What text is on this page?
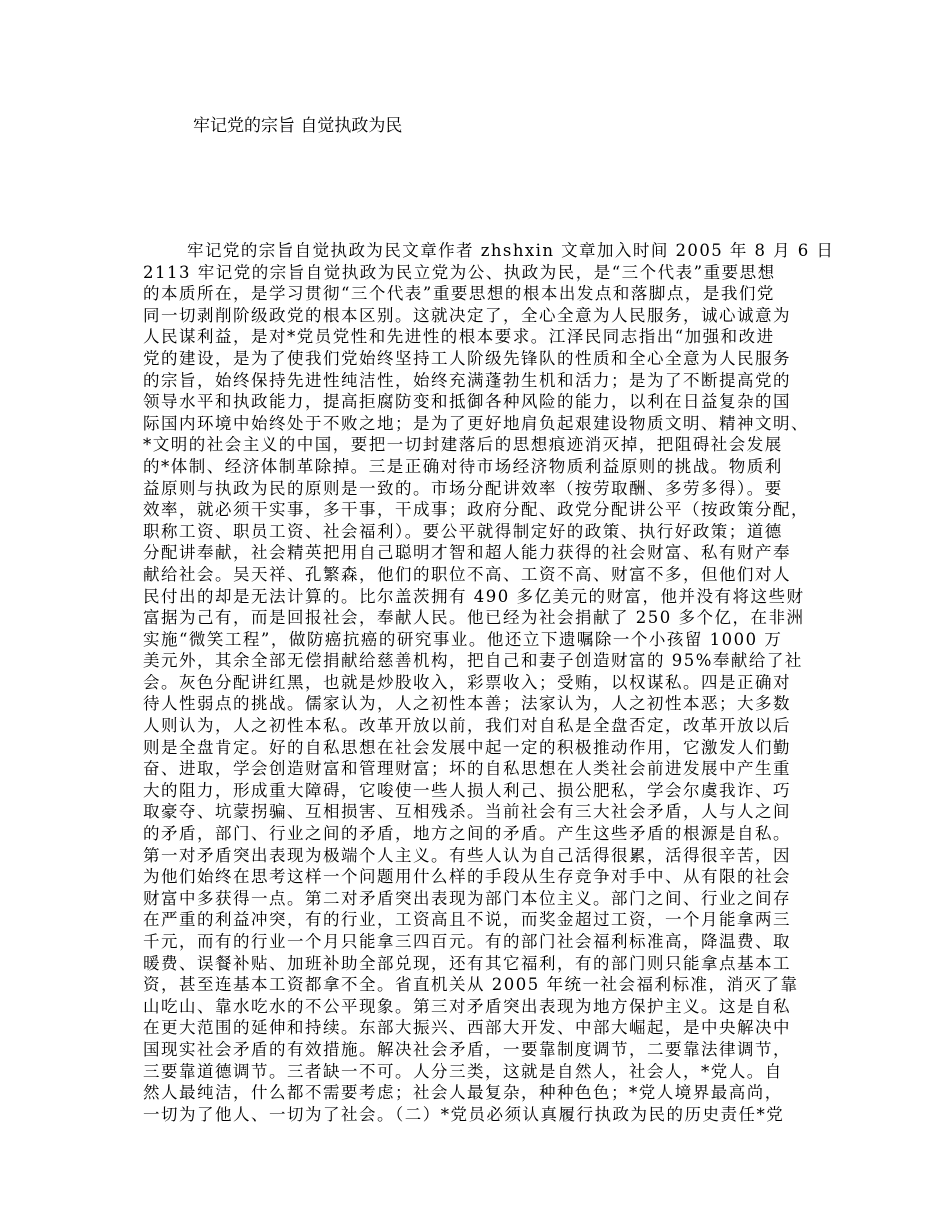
牢记党的宗旨 自觉执政为民
牢记党的宗旨自觉执政为民文章作者 zhshxin 文章加入时间 2005 年 8 月 6 日
2113 牢记党的宗旨自觉执政为民立党为公、执政为民，是“三个代表”重要思想
的本质所在，是学习贯彻“三个代表”重要思想的根本出发点和落脚点，是我们党
同一切剥削阶级政党的根本区别。这就决定了，全心全意为人民服务，诚心诚意为
人民谋利益，是对*党员党性和先进性的根本要求。江泽民同志指出“加强和改进
党的建设，是为了使我们党始终坚持工人阶级先锋队的性质和全心全意为人民服务
的宗旨，始终保持先进性纯洁性，始终充满蓬勃生机和活力；是为了不断提高党的
领导水平和执政能力，提高拒腐防变和抵御各种风险的能力，以利在日益复杂的国
际国内环境中始终处于不败之地；是为了更好地肩负起艰建设物质文明、精神文明、
*文明的社会主义的中国，要把一切封建落后的思想痕迹消灭掉，把阻碍社会发展
的*体制、经济体制革除掉。三是正确对待市场经济物质利益原则的挑战。物质利
益原则与执政为民的原则是一致的。市场分配讲效率（按劳取酬、多劳多得）。要
效率，就必须干实事，多干事，干成事；政府分配、政党分配讲公平（按政策分配，
职称工资、职员工资、社会福利）。要公平就得制定好的政策、执行好政策；道德
分配讲奉献，社会精英把用自己聪明才智和超人能力获得的社会财富、私有财产奉
献给社会。吴天祥、孔繁森，他们的职位不高、工资不高、财富不多，但他们对人
民付出的却是无法计算的。比尔盖茨拥有 490 多亿美元的财富，他并没有将这些财
富据为己有，而是回报社会，奉献人民。他已经为社会捐献了 250 多个亿，在非洲
实施“微笑工程”，做防癌抗癌的研究事业。他还立下遗嘱除一个小孩留 1000 万
美元外，其余全部无偿捐献给慈善机构，把自己和妻子创造财富的 95%奉献给了社
会。灰色分配讲红黑，也就是炒股收入，彩票收入；受贿，以权谋私。四是正确对
待人性弱点的挑战。儒家认为，人之初性本善；法家认为，人之初性本恶；大多数
人则认为，人之初性本私。改革开放以前，我们对自私是全盘否定，改革开放以后
则是全盘肯定。好的自私思想在社会发展中起一定的积极推动作用，它激发人们勤
奋、进取，学会创造财富和管理财富；坏的自私思想在人类社会前进发展中产生重
大的阻力，形成重大障碍，它唆使一些人损人利己、损公肥私，学会尔虞我诈、巧
取豪夺、坑蒙拐骗、互相损害、互相残杀。当前社会有三大社会矛盾，人与人之间
的矛盾，部门、行业之间的矛盾，地方之间的矛盾。产生这些矛盾的根源是自私。
第一对矛盾突出表现为极端个人主义。有些人认为自己活得很累，活得很辛苦，因
为他们始终在思考这样一个问题用什么样的手段从生存竞争对手中、从有限的社会
财富中多获得一点。第二对矛盾突出表现为部门本位主义。部门之间、行业之间存
在严重的利益冲突，有的行业，工资高且不说，而奖金超过工资，一个月能拿两三
千元，而有的行业一个月只能拿三四百元。有的部门社会福利标准高，降温费、取
暖费、误餐补贴、加班补助全部兑现，还有其它福利，有的部门则只能拿点基本工
资，甚至连基本工资都拿不全。省直机关从 2005 年统一社会福利标准，消灭了靠
山吃山、靠水吃水的不公平现象。第三对矛盾突出表现为地方保护主义。这是自私
在更大范围的延伸和持续。东部大振兴、西部大开发、中部大崛起，是中央解决中
国现实社会矛盾的有效措施。解决社会矛盾，一要靠制度调节，二要靠法律调节，
三要靠道德调节。三者缺一不可。人分三类，这就是自然人，社会人，*党人。自
然人最纯洁，什么都不需要考虑；社会人最复杂，种种色色；*党人境界最高尚，
一切为了他人、一切为了社会。（二）*党员必须认真履行执政为民的历史责任*党
